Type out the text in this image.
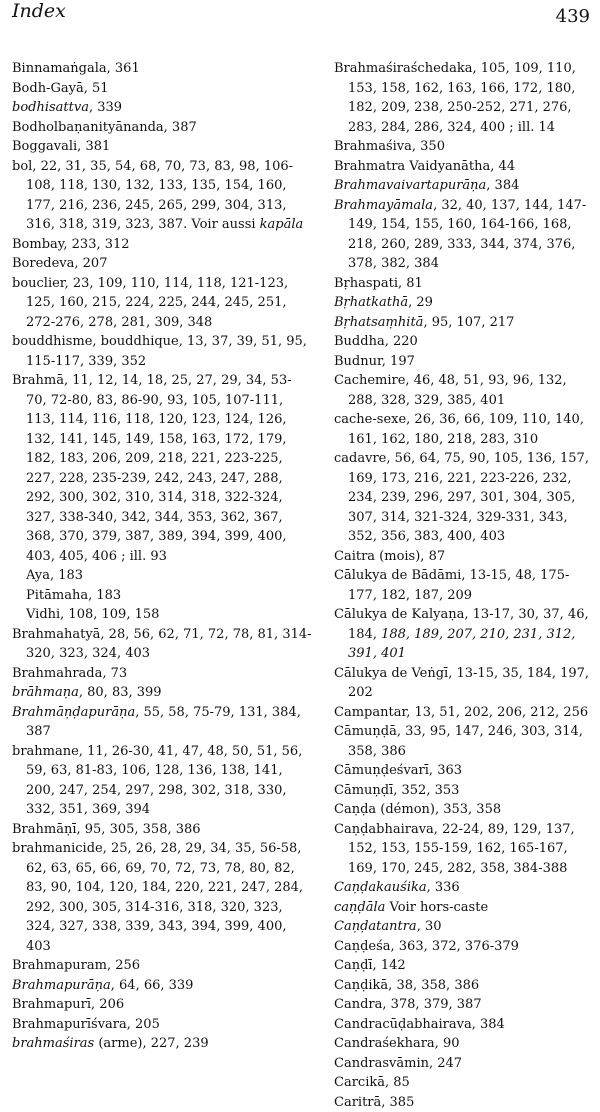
Index	439
Binnamaṅgala, 361
Bodh-Gayā, 51
bodhisattva, 339
Bodholbaṇanityānanda, 387
Boggavali, 381
bol, 22, 31, 35, 54, 68, 70, 73, 83, 98, 106-108, 118, 130, 132, 133, 135, 154, 160, 177, 216, 236, 245, 265, 299, 304, 313, 316, 318, 319, 323, 387. Voir aussi kapāla
Bombay, 233, 312
Boredeva, 207
bouclier, 23, 109, 110, 114, 118, 121-123, 125, 160, 215, 224, 225, 244, 245, 251, 272-276, 278, 281, 309, 348
bouddhisme, bouddhique, 13, 37, 39, 51, 95, 115-117, 339, 352
Brahmā, 11, 12, 14, 18, 25, 27, 29, 34, 53-70, 72-80, 83, 86-90, 93, 105, 107-111, 113, 114, 116, 118, 120, 123, 124, 126, 132, 141, 145, 149, 158, 163, 172, 179, 182, 183, 206, 209, 218, 221, 223-225, 227, 228, 235-239, 242, 243, 247, 288, 292, 300, 302, 310, 314, 318, 322-324, 327, 338-340, 342, 344, 353, 362, 367, 368, 370, 379, 387, 389, 394, 399, 400, 403, 405, 406 ; ill. 93
Aya, 183
Pitāmaha, 183
Vidhi, 108, 109, 158
Brahmahatyā, 28, 56, 62, 71, 72, 78, 81, 314-320, 323, 324, 403
Brahmahrada, 73
brāhmaṇa, 80, 83, 399
Brahmāṇḍapurāṇa, 55, 58, 75-79, 131, 384, 387
brahmane, 11, 26-30, 41, 47, 48, 50, 51, 56, 59, 63, 81-83, 106, 128, 136, 138, 141, 200, 247, 254, 297, 298, 302, 318, 330, 332, 351, 369, 394
Brahmāṇī, 95, 305, 358, 386
brahmanicide, 25, 26, 28, 29, 34, 35, 56-58, 62, 63, 65, 66, 69, 70, 72, 73, 78, 80, 82, 83, 90, 104, 120, 184, 220, 221, 247, 284, 292, 300, 305, 314-316, 318, 320, 323, 324, 327, 338, 339, 343, 394, 399, 400, 403
Brahmapuram, 256
Brahmapurāṇa, 64, 66, 339
Brahmapurī, 206
Brahmapurīśvara, 205
brahmaśiras (arme), 227, 239
Brahmaśiraśchedaka, 105, 109, 110, 153, 158, 162, 163, 166, 172, 180, 182, 209, 238, 250-252, 271, 276, 283, 284, 286, 324, 400 ; ill. 14
Brahmaśiva, 350
Brahmatra Vaidyanātha, 44
Brahmavaivartapurāṇa, 384
Brahmayāmala, 32, 40, 137, 144, 147-149, 154, 155, 160, 164-166, 168, 218, 260, 289, 333, 344, 374, 376, 378, 382, 384
Bṛhaspati, 81
Bṛhatkathā, 29
Bṛhatsaṃhitā, 95, 107, 217
Buddha, 220
Budnur, 197
Cachemire, 46, 48, 51, 93, 96, 132, 288, 328, 329, 385, 401
cache-sexe, 26, 36, 66, 109, 110, 140, 161, 162, 180, 218, 283, 310
cadavre, 56, 64, 75, 90, 105, 136, 157, 169, 173, 216, 221, 223-226, 232, 234, 239, 296, 297, 301, 304, 305, 307, 314, 321-324, 329-331, 343, 352, 356, 383, 400, 403
Caitra (mois), 87
Cālukya de Bādāmi, 13-15, 48, 175-177, 182, 187, 209
Cālukya de Kalyaṇa, 13-17, 30, 37, 46, 184, 188, 189, 207, 210, 231, 312, 391, 401
Cālukya de Veṅgī, 13-15, 35, 184, 197, 202
Campantar, 13, 51, 202, 206, 212, 256
Cāmuṇḍā, 33, 95, 147, 246, 303, 314, 358, 386
Cāmuṇḍeśvarī, 363
Cāmuṇḍī, 352, 353
Caṇḍa (démon), 353, 358
Caṇḍabhairava, 22-24, 89, 129, 137, 152, 153, 155-159, 162, 165-167, 169, 170, 245, 282, 358, 384-388
Caṇḍakauśika, 336
caṇḍāla Voir hors-caste
Caṇḍatantra, 30
Caṇḍeśa, 363, 372, 376-379
Caṇḍī, 142
Caṇḍikā, 38, 358, 386
Candra, 378, 379, 387
Candracūḍabhairava, 384
Candraśekhara, 90
Candrasvāmin, 247
Carcikā, 85
Caritrā, 385
